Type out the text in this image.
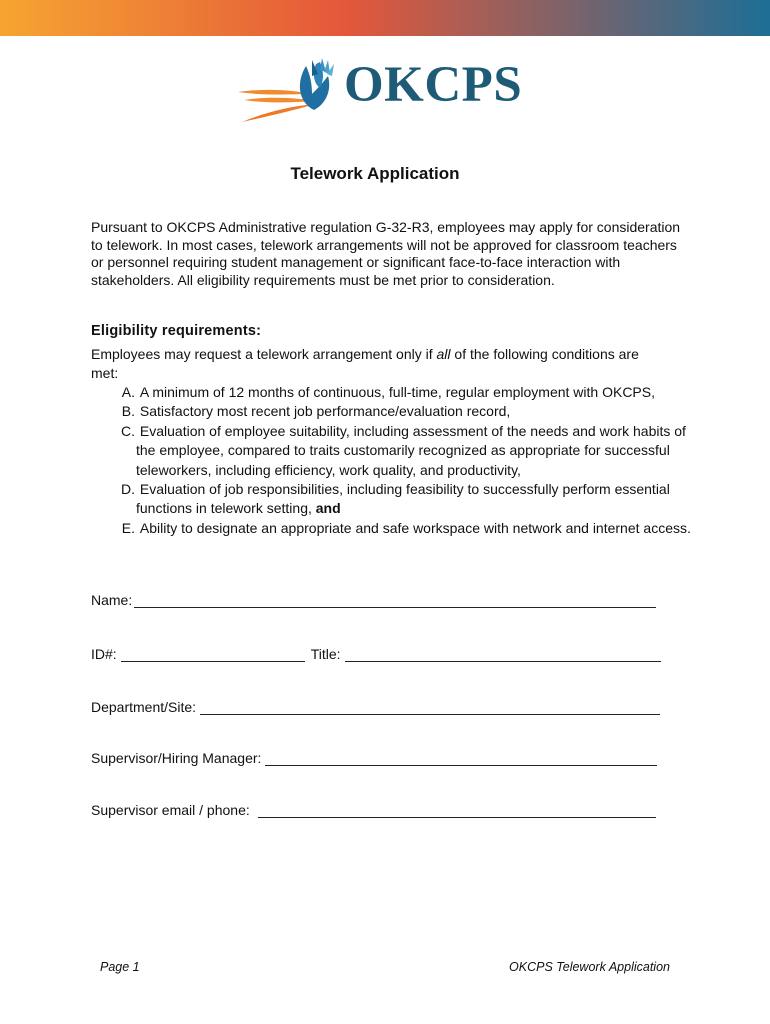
OKCPS
Telework Application

Pursuant to OKCPS Administrative regulation G-32-R3, employees may apply for consideration to telework. In most cases, telework arrangements will not be approved for classroom teachers or personnel requiring student management or significant face-to-face interaction with stakeholders. All eligibility requirements must be met prior to consideration.

Eligibility requirements:

Employees may request a telework arrangement only if all of the following conditions are met:

A. A minimum of 12 months of continuous, full-time, regular employment with OKCPS,
B. Satisfactory most recent job performance/evaluation record,
C. Evaluation of employee suitability, including assessment of the needs and work habits of the employee, compared to traits customarily recognized as appropriate for successful teleworkers, including efficiency, work quality, and productivity,
D. Evaluation of job responsibilities, including feasibility to successfully perform essential functions in telework setting, and
E. Ability to designate an appropriate and safe workspace with network and internet access.
Name:
ID#:	Title:
Department/Site:
Supervisor/Hiring Manager:
Supervisor email / phone:
Page 1	OKCPS Telework Application
